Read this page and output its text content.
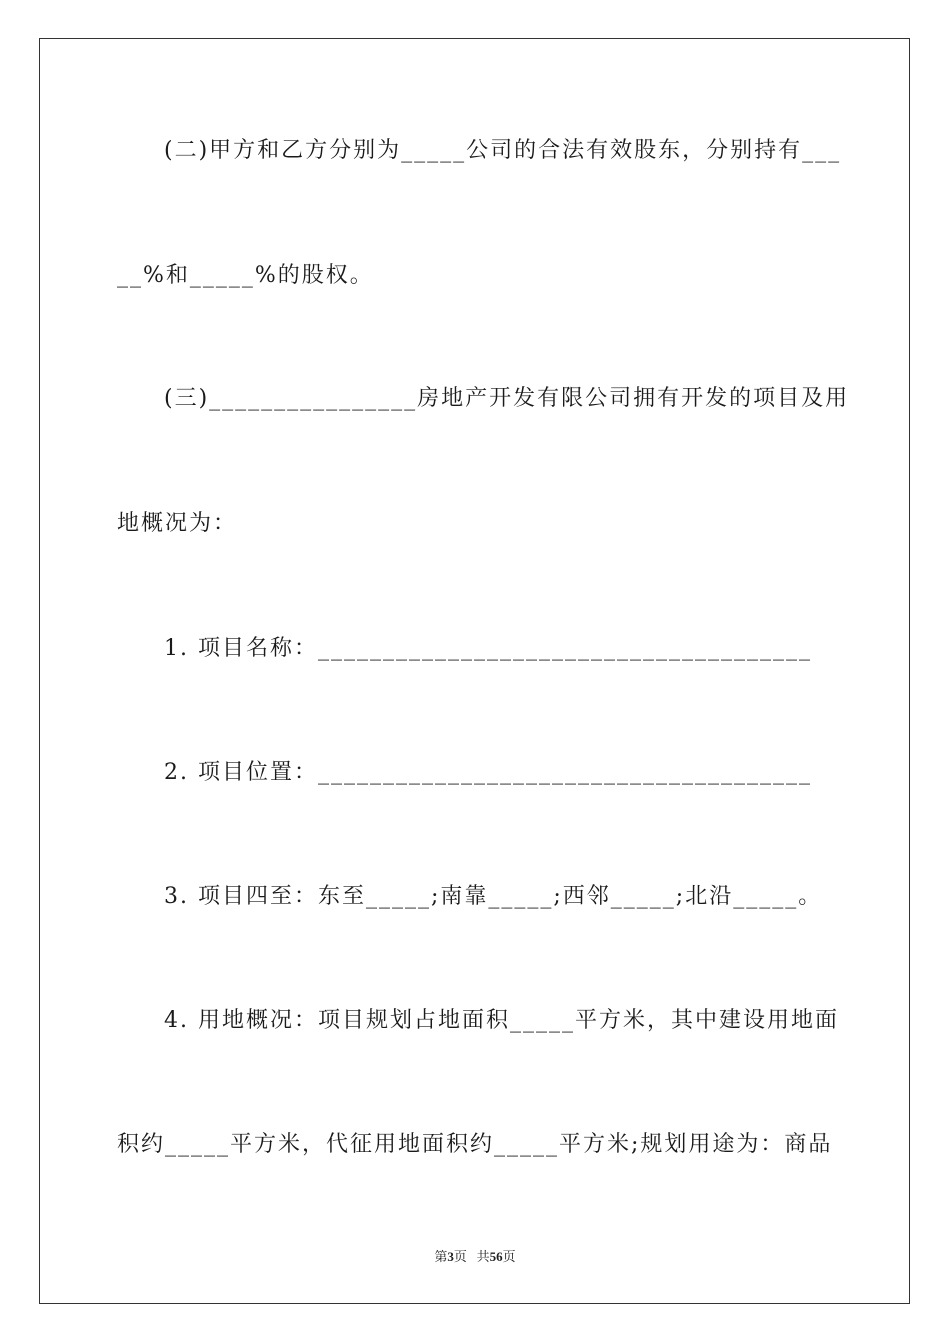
(二)甲方和乙方分别为_____公司的合法有效股东，分别持有___
__%和_____%的股权。
(三)________________房地产开发有限公司拥有开发的项目及用
地概况为：
1. 项目名称：______________________________________
2. 项目位置：______________________________________
3. 项目四至：东至_____;南靠_____;西邻_____;北沿_____。
4. 用地概况：项目规划占地面积_____平方米，其中建设用地面
积约_____平方米，代征用地面积约_____平方米;规划用途为：商品
第3页 共56页
